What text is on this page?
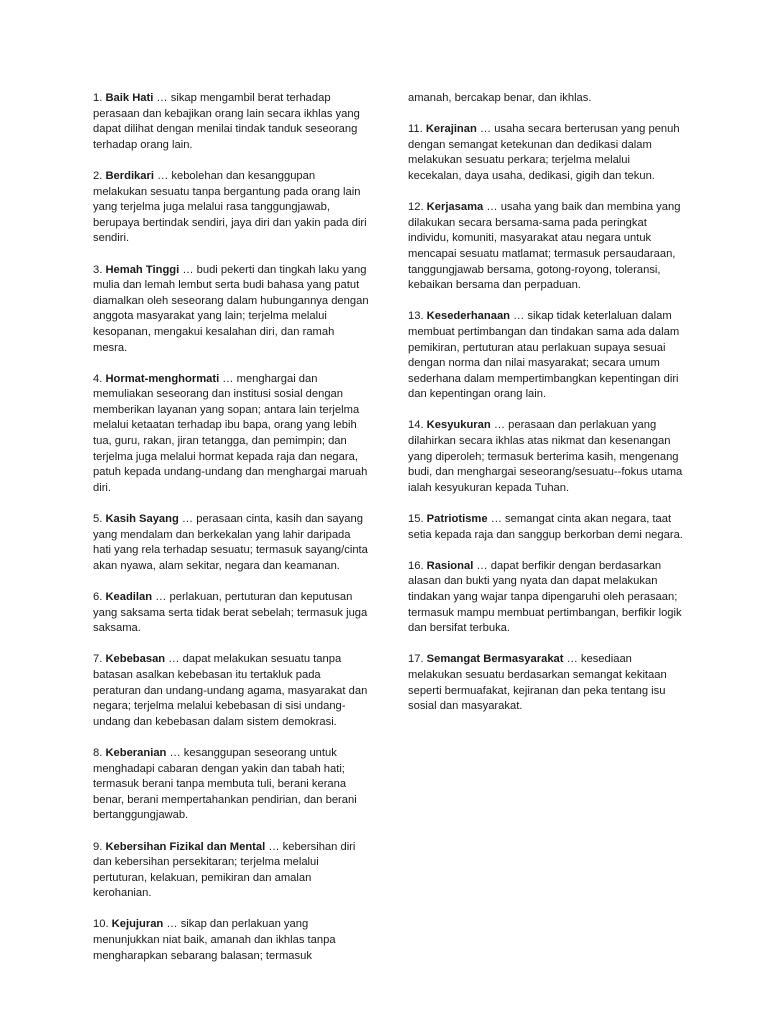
1. Baik Hati … sikap mengambil berat terhadap perasaan dan kebajikan orang lain secara ikhlas yang dapat dilihat dengan menilai tindak tanduk seseorang terhadap orang lain.

2. Berdikari … kebolehan dan kesanggupan melakukan sesuatu tanpa bergantung pada orang lain yang terjelma juga melalui rasa tanggungjawab, berupaya bertindak sendiri, jaya diri dan yakin pada diri sendiri.

3. Hemah Tinggi … budi pekerti dan tingkah laku yang mulia dan lemah lembut serta budi bahasa yang patut diamalkan oleh seseorang dalam hubungannya dengan anggota masyarakat yang lain; terjelma melalui kesopanan, mengakui kesalahan diri, dan ramah mesra.

4. Hormat-menghormati … menghargai dan memuliakan seseorang dan institusi sosial dengan memberikan layanan yang sopan; antara lain terjelma melalui ketaatan terhadap ibu bapa, orang yang lebih tua, guru, rakan, jiran tetangga, dan pemimpin; dan terjelma juga melalui hormat kepada raja dan negara, patuh kepada undang-undang dan menghargai maruah diri.

5. Kasih Sayang … perasaan cinta, kasih dan sayang yang mendalam dan berkekalan yang lahir daripada hati yang rela terhadap sesuatu; termasuk sayang/cinta akan nyawa, alam sekitar, negara dan keamanan.

6. Keadilan … perlakuan, pertuturan dan keputusan yang saksama serta tidak berat sebelah; termasuk juga saksama.

7. Kebebasan … dapat melakukan sesuatu tanpa batasan asalkan kebebasan itu tertakluk pada peraturan dan undang-undang agama, masyarakat dan negara; terjelma melalui kebebasan di sisi undang-undang dan kebebasan dalam sistem demokrasi.

8. Keberanian … kesanggupan seseorang untuk menghadapi cabaran dengan yakin dan tabah hati; termasuk berani tanpa membuta tuli, berani kerana benar, berani mempertahankan pendirian, dan berani bertanggungjawab.

9. Kebersihan Fizikal dan Mental … kebersihan diri dan kebersihan persekitaran; terjelma melalui pertuturan, kelakuan, pemikiran dan amalan kerohanian.

10. Kejujuran … sikap dan perlakuan yang menunjukkan niat baik, amanah dan ikhlas tanpa mengharapkan sebarang balasan; termasuk

amanah, bercakap benar, dan ikhlas.

11. Kerajinan … usaha secara berterusan yang penuh dengan semangat ketekunan dan dedikasi dalam melakukan sesuatu perkara; terjelma melalui kecekalan, daya usaha, dedikasi, gigih dan tekun.

12. Kerjasama … usaha yang baik dan membina yang dilakukan secara bersama-sama pada peringkat individu, komuniti, masyarakat atau negara untuk mencapai sesuatu matlamat; termasuk persaudaraan, tanggungjawab bersama, gotong-royong, toleransi, kebaikan bersama dan perpaduan.

13. Kesederhanaan … sikap tidak keterlaluan dalam membuat pertimbangan dan tindakan sama ada dalam pemikiran, pertuturan atau perlakuan supaya sesuai dengan norma dan nilai masyarakat; secara umum sederhana dalam mempertimbangkan kepentingan diri dan kepentingan orang lain.

14. Kesyukuran … perasaan dan perlakuan yang dilahirkan secara ikhlas atas nikmat dan kesenangan yang diperoleh; termasuk berterima kasih, mengenang budi, dan menghargai seseorang/sesuatu--fokus utama ialah kesyukuran kepada Tuhan.

15. Patriotisme … semangat cinta akan negara, taat setia kepada raja dan sanggup berkorban demi negara.

16. Rasional … dapat berfikir dengan berdasarkan alasan dan bukti yang nyata dan dapat melakukan tindakan yang wajar tanpa dipengaruhi oleh perasaan; termasuk mampu membuat pertimbangan, berfikir logik dan bersifat terbuka.

17. Semangat Bermasyarakat … kesediaan melakukan sesuatu berdasarkan semangat kekitaan seperti bermuafakat, kejiranan dan peka tentang isu sosial dan masyarakat.
